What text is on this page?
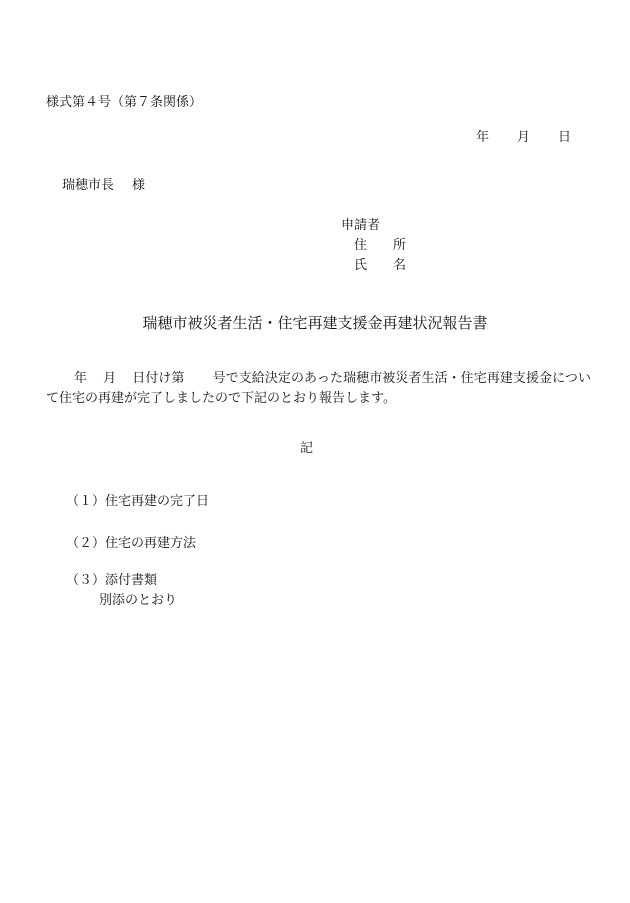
様式第４号（第７条関係）
年 月 日
瑞穂市長 様
申請者
住 所
氏 名
瑞穂市被災者生活・住宅再建支援金再建状況報告書
年 月 日付け第 号で支給決定のあった瑞穂市被災者生活・住宅再建支援金について住宅の再建が完了しましたので下記のとおり報告します。
記
（１）住宅再建の完了日
（２）住宅の再建方法
（３）添付書類
別添のとおり
